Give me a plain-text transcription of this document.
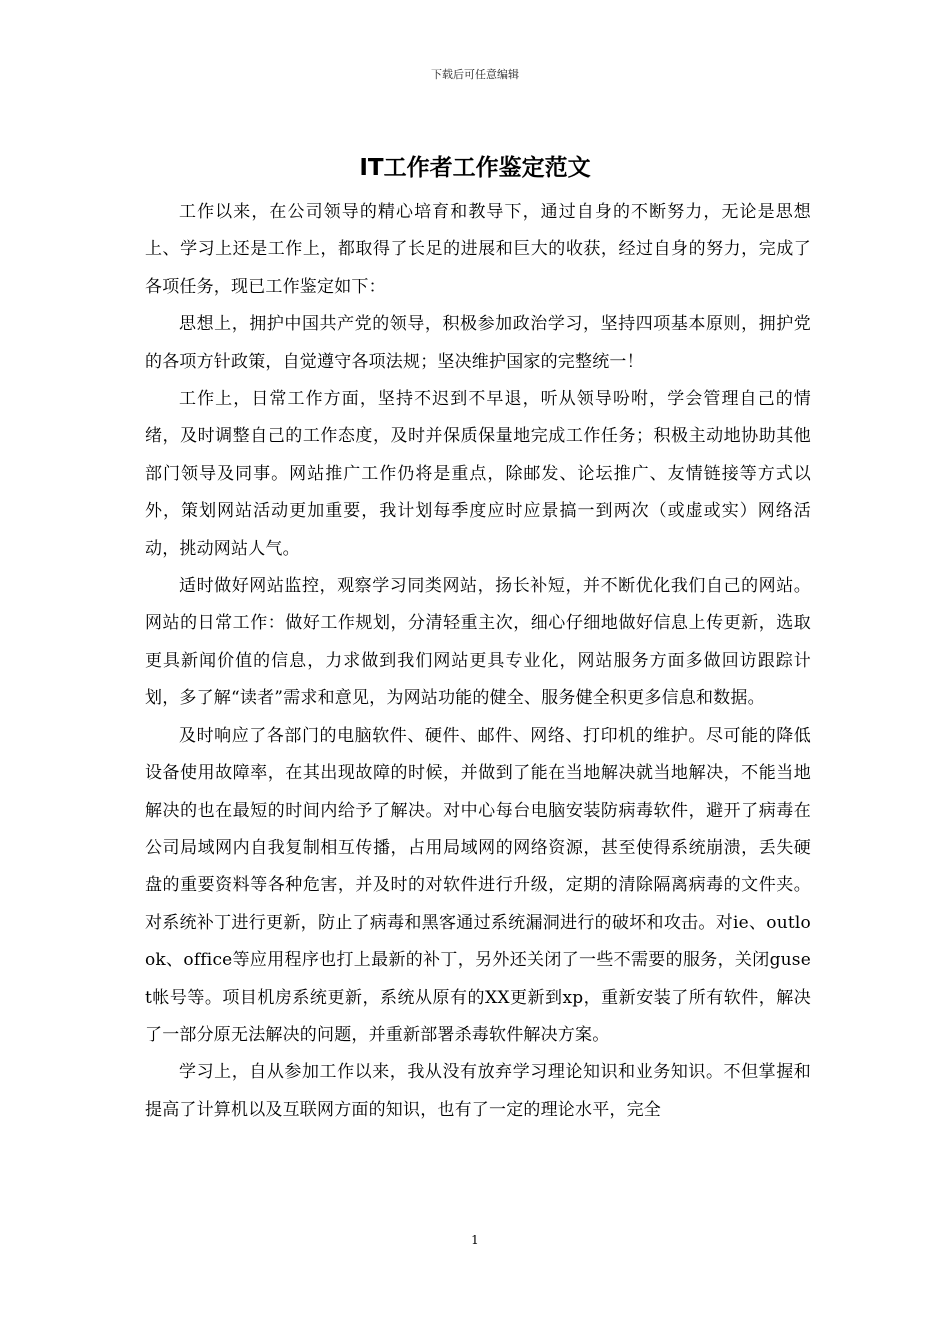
下载后可任意编辑
IT工作者工作鉴定范文

工作以来，在公司领导的精心培育和教导下，通过自身的不断努力，无论是思想上、学习上还是工作上，都取得了长足的进展和巨大的收获，经过自身的努力，完成了各项任务，现已工作鉴定如下：

思想上，拥护中国共产党的领导，积极参加政治学习，坚持四项基本原则，拥护党的各项方针政策，自觉遵守各项法规；坚决维护国家的完整统一！

工作上，日常工作方面，坚持不迟到不早退，听从领导吩咐，学会管理自己的情绪，及时调整自己的工作态度，及时并保质保量地完成工作任务；积极主动地协助其他部门领导及同事。网站推广工作仍将是重点，除邮发、论坛推广、友情链接等方式以外，策划网站活动更加重要，我计划每季度应时应景搞一到两次（或虚或实）网络活动，挑动网站人气。

适时做好网站监控，观察学习同类网站，扬长补短，并不断优化我们自己的网站。网站的日常工作：做好工作规划，分清轻重主次，细心仔细地做好信息上传更新，选取更具新闻价值的信息，力求做到我们网站更具专业化，网站服务方面多做回访跟踪计划，多了解“读者”需求和意见，为网站功能的健全、服务健全积更多信息和数据。

及时响应了各部门的电脑软件、硬件、邮件、网络、打印机的维护。尽可能的降低设备使用故障率，在其出现故障的时候，并做到了能在当地解决就当地解决，不能当地解决的也在最短的时间内给予了解决。对中心每台电脑安装防病毒软件，避开了病毒在公司局域网内自我复制相互传播，占用局域网的网络资源，甚至使得系统崩溃，丢失硬盘的重要资料等各种危害，并及时的对软件进行升级，定期的清除隔离病毒的文件夹。对系统补丁进行更新，防止了病毒和黑客通过系统漏洞进行的破坏和攻击。对ie、outlook、office等应用程序也打上最新的补丁，另外还关闭了一些不需要的服务，关闭guset帐号等。项目机房系统更新，系统从原有的XX更新到xp，重新安装了所有软件，解决了一部分原无法解决的问题，并重新部署杀毒软件解决方案。

学习上，自从参加工作以来，我从没有放弃学习理论知识和业务知识。不但掌握和提高了计算机以及互联网方面的知识，也有了一定的理论水平，完全

1
